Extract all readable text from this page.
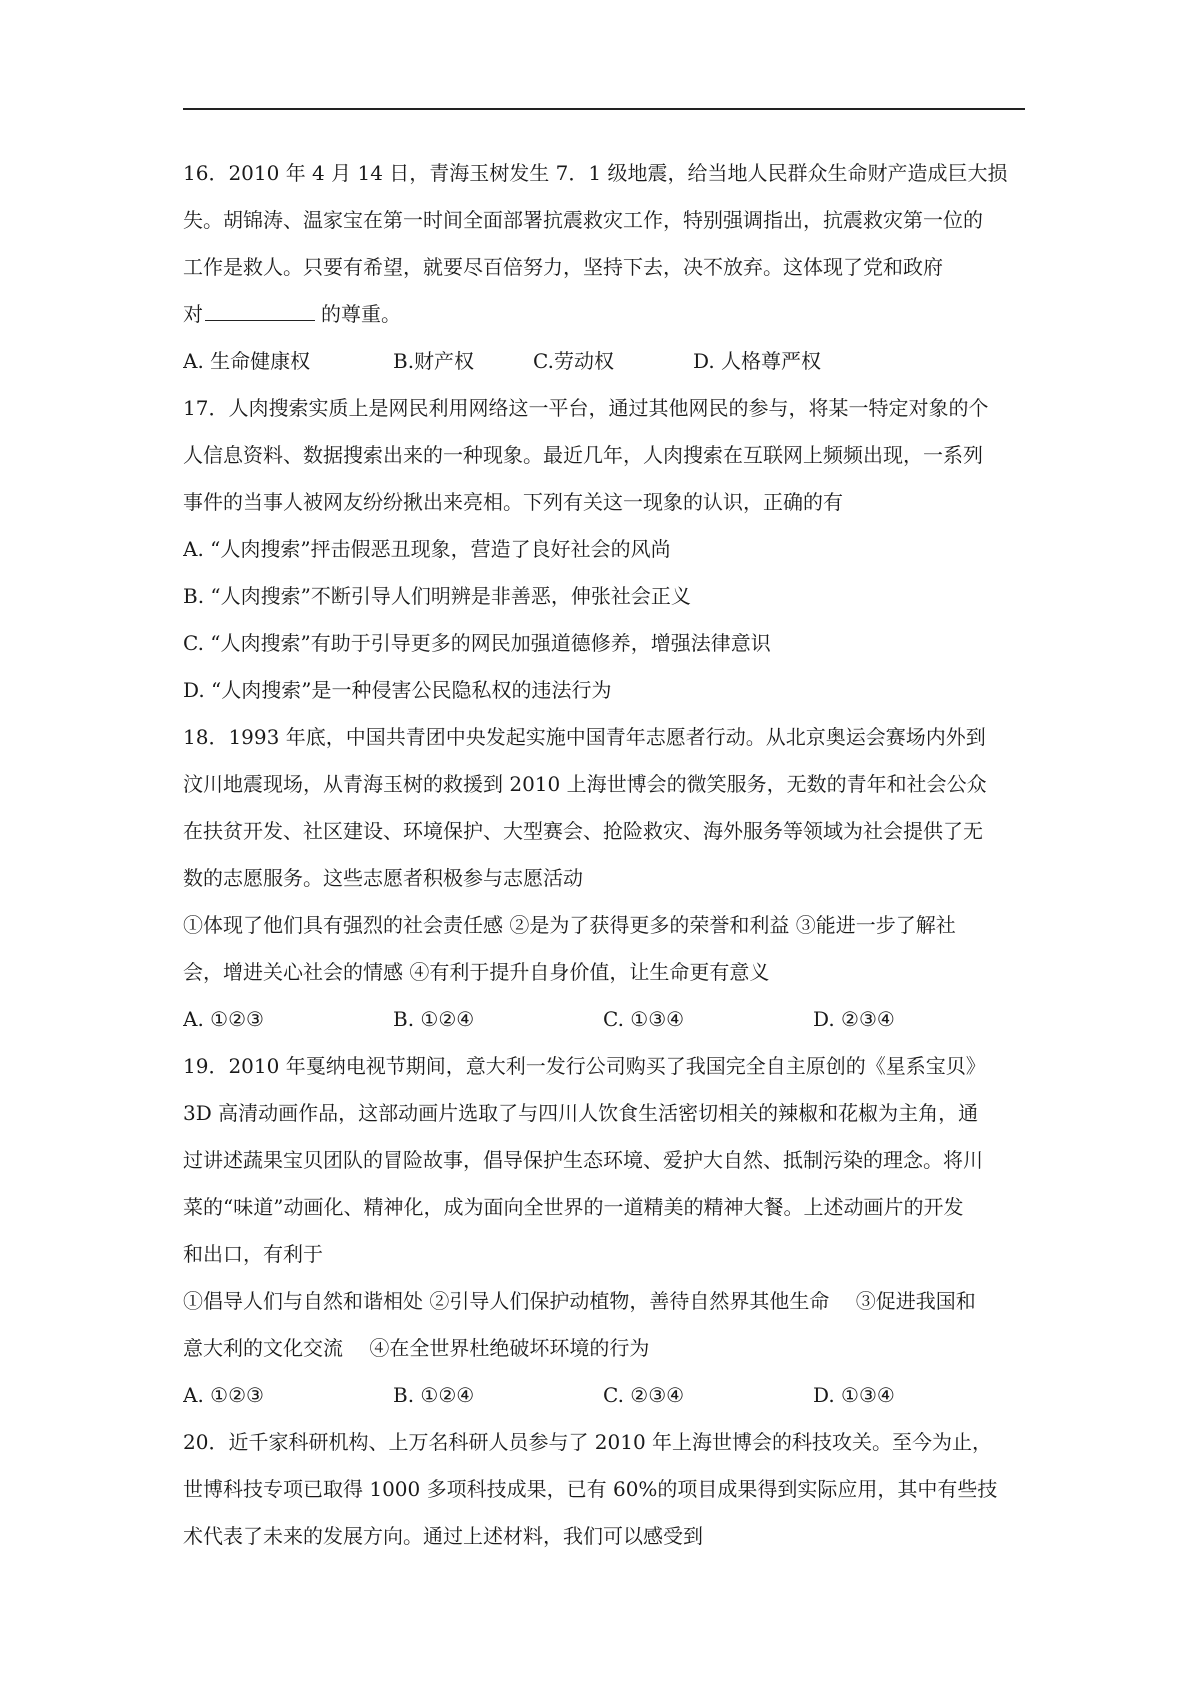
16．2010 年 4 月 14 日，青海玉树发生 7．1 级地震，给当地人民群众生命财产造成巨大损
失。胡锦涛、温家宝在第一时间全面部署抗震救灾工作，特别强调指出，抗震救灾第一位的
工作是救人。只要有希望，就要尽百倍努力，坚持下去，决不放弃。这体现了党和政府
对	的尊重。
A. 生命健康权	B.财产权	C.劳动权	D. 人格尊严权
17．人肉搜索实质上是网民利用网络这一平台，通过其他网民的参与，将某一特定对象的个
人信息资料、数据搜索出来的一种现象。最近几年，人肉搜索在互联网上频频出现，一系列
事件的当事人被网友纷纷揪出来亮相。下列有关这一现象的认识，正确的有
A. “人肉搜索”抨击假恶丑现象，营造了良好社会的风尚
B. “人肉搜索”不断引导人们明辨是非善恶，伸张社会正义
C. “人肉搜索”有助于引导更多的网民加强道德修养，增强法律意识
D. “人肉搜索”是一种侵害公民隐私权的违法行为
18．1993 年底，中国共青团中央发起实施中国青年志愿者行动。从北京奥运会赛场内外到
汶川地震现场，从青海玉树的救援到 2010 上海世博会的微笑服务，无数的青年和社会公众
在扶贫开发、社区建设、环境保护、大型赛会、抢险救灾、海外服务等领域为社会提供了无
数的志愿服务。这些志愿者积极参与志愿活动
①体现了他们具有强烈的社会责任感 ②是为了获得更多的荣誉和利益 ③能进一步了解社
会，增进关心社会的情感 ④有利于提升自身价值，让生命更有意义
A. ①②③	B. ①②④	C. ①③④	D. ②③④
19．2010 年戛纳电视节期间，意大利一发行公司购买了我国完全自主原创的《星系宝贝》
3D 高清动画作品，这部动画片选取了与四川人饮食生活密切相关的辣椒和花椒为主角，通
过讲述蔬果宝贝团队的冒险故事，倡导保护生态环境、爱护大自然、抵制污染的理念。将川
菜的“味道”动画化、精神化，成为面向全世界的一道精美的精神大餐。上述动画片的开发
和出口，有利于
①倡导人们与自然和谐相处 ②引导人们保护动植物，善待自然界其他生命　 ③促进我国和
意大利的文化交流　 ④在全世界杜绝破坏环境的行为
A. ①②③	B. ①②④	C. ②③④	D. ①③④
20．近千家科研机构、上万名科研人员参与了 2010 年上海世博会的科技攻关。至今为止，
世博科技专项已取得 1000 多项科技成果，已有 60%的项目成果得到实际应用，其中有些技
术代表了未来的发展方向。通过上述材料，我们可以感受到
